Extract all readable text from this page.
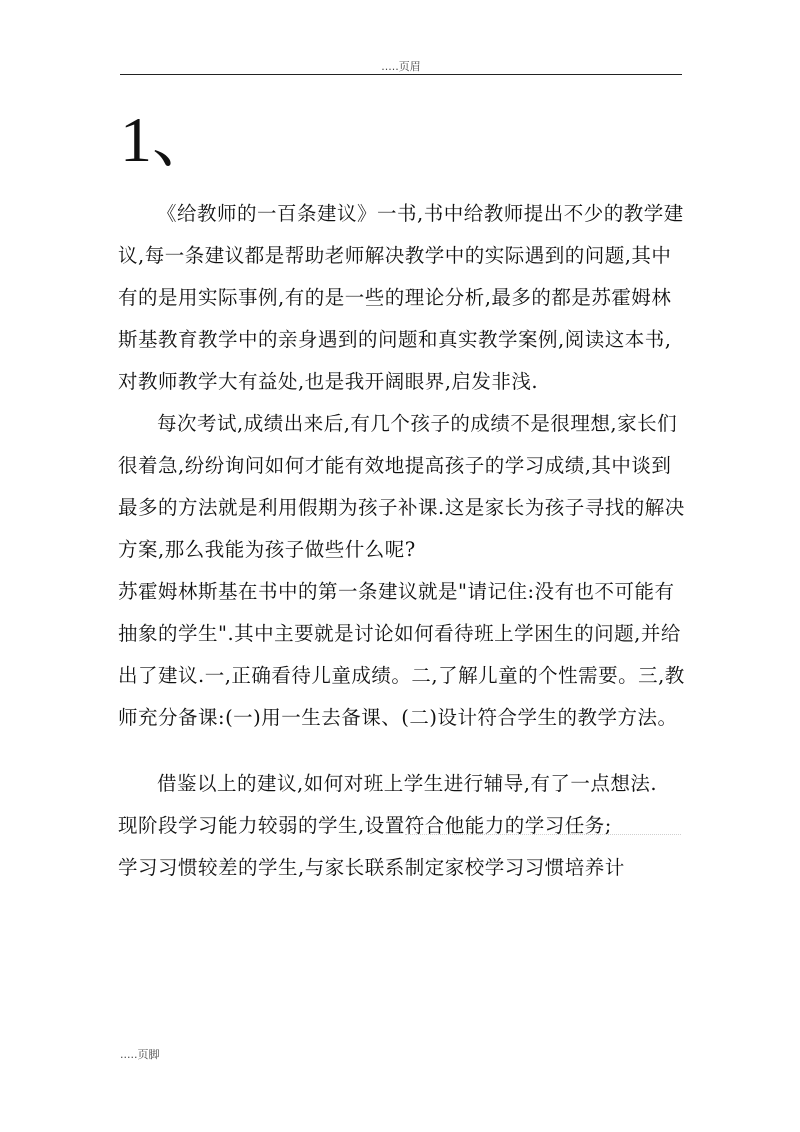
.....页眉
1、

《给教师的一百条建议》一书,书中给教师提出不少的教学建议,每一条建议都是帮助老师解决教学中的实际遇到的问题,其中有的是用实际事例,有的是一些的理论分析,最多的都是苏霍姆林斯基教育教学中的亲身遇到的问题和真实教学案例,阅读这本书,对教师教学大有益处,也是我开阔眼界,启发非浅.

每次考试,成绩出来后,有几个孩子的成绩不是很理想,家长们很着急,纷纷询问如何才能有效地提高孩子的学习成绩,其中谈到最多的方法就是利用假期为孩子补课.这是家长为孩子寻找的解决方案,那么我能为孩子做些什么呢?

苏霍姆林斯基在书中的第一条建议就是"请记住:没有也不可能有抽象的学生".其中主要就是讨论如何看待班上学困生的问题,并给出了建议.一,正确看待儿童成绩。二,了解儿童的个性需要。三,教师充分备课:(一)用一生去备课、(二)设计符合学生的教学方法。

借鉴以上的建议,如何对班上学生进行辅导,有了一点想法.

现阶段学习能力较弱的学生,设置符合他能力的学习任务;

学习习惯较差的学生,与家长联系制定家校学习习惯培养计

.....页脚
